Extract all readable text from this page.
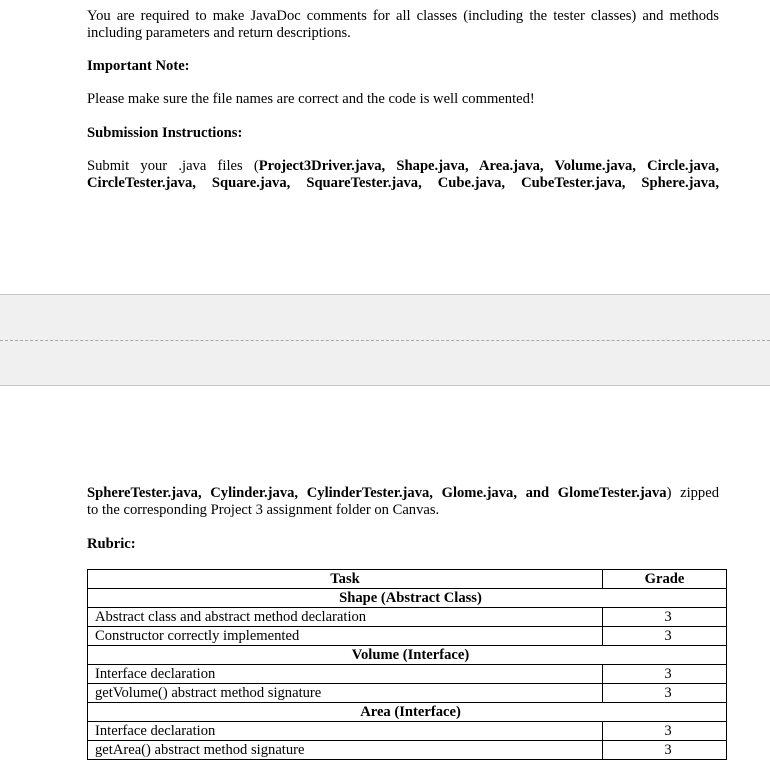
You are required to make JavaDoc comments for all classes (including the tester classes) and methods
including parameters and return descriptions.
Important Note:
Please make sure the file names are correct and the code is well commented!
Submission Instructions:
Submit your .java files (Project3Driver.java, Shape.java, Area.java, Volume.java, Circle.java,
CircleTester.java, Square.java, SquareTester.java, Cube.java, CubeTester.java, Sphere.java,
SphereTester.java, Cylinder.java, CylinderTester.java, Glome.java, and GlomeTester.java) zipped
to the corresponding Project 3 assignment folder on Canvas.
Rubric:
Task	Grade
Shape (Abstract Class)	
Abstract class and abstract method declaration	3
Constructor correctly implemented	3
Volume (Interface)	
Interface declaration	3
getVolume() abstract method signature	3
Area (Interface)	
Interface declaration	3
getArea() abstract method signature	3
